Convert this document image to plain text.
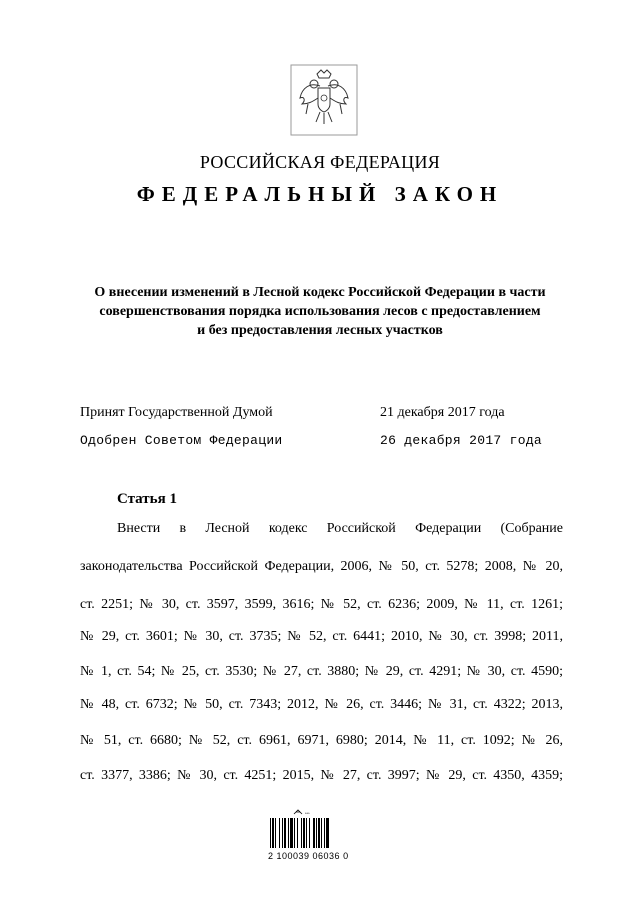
РОССИЙСКАЯ ФЕДЕРАЦИЯ
ФЕДЕРАЛЬНЫЙ ЗАКОН
О внесении изменений в Лесной кодекс Российской Федерации в части
совершенствования порядка использования лесов с предоставлением
и без предоставления лесных участков
Принят Государственной Думой	21 декабря 2017 года
Одобрен Советом Федерации	26 декабря 2017 года
Статья 1
Внести в Лесной кодекс Российской Федерации (Собрание
законодательства Российской Федерации, 2006, № 50, ст. 5278; 2008, № 20,
ст. 2251; № 30, ст. 3597, 3599, 3616; № 52, ст. 6236; 2009, № 11, ст. 1261;
№ 29, ст. 3601; № 30, ст. 3735; № 52, ст. 6441; 2010, № 30, ст. 3998; 2011,
№ 1, ст. 54; № 25, ст. 3530; № 27, ст. 3880; № 29, ст. 4291; № 30, ст. 4590;
№ 48, ст. 6732; № 50, ст. 7343; 2012, № 26, ст. 3446; № 31, ст. 4322; 2013,
№ 51, ст. 6680; № 52, ст. 6961, 6971, 6980; 2014, № 11, ст. 1092; № 26,
ст. 3377, 3386; № 30, ст. 4251; 2015, № 27, ст. 3997; № 29, ст. 4350, 4359;
***
2 100039 06036 0
